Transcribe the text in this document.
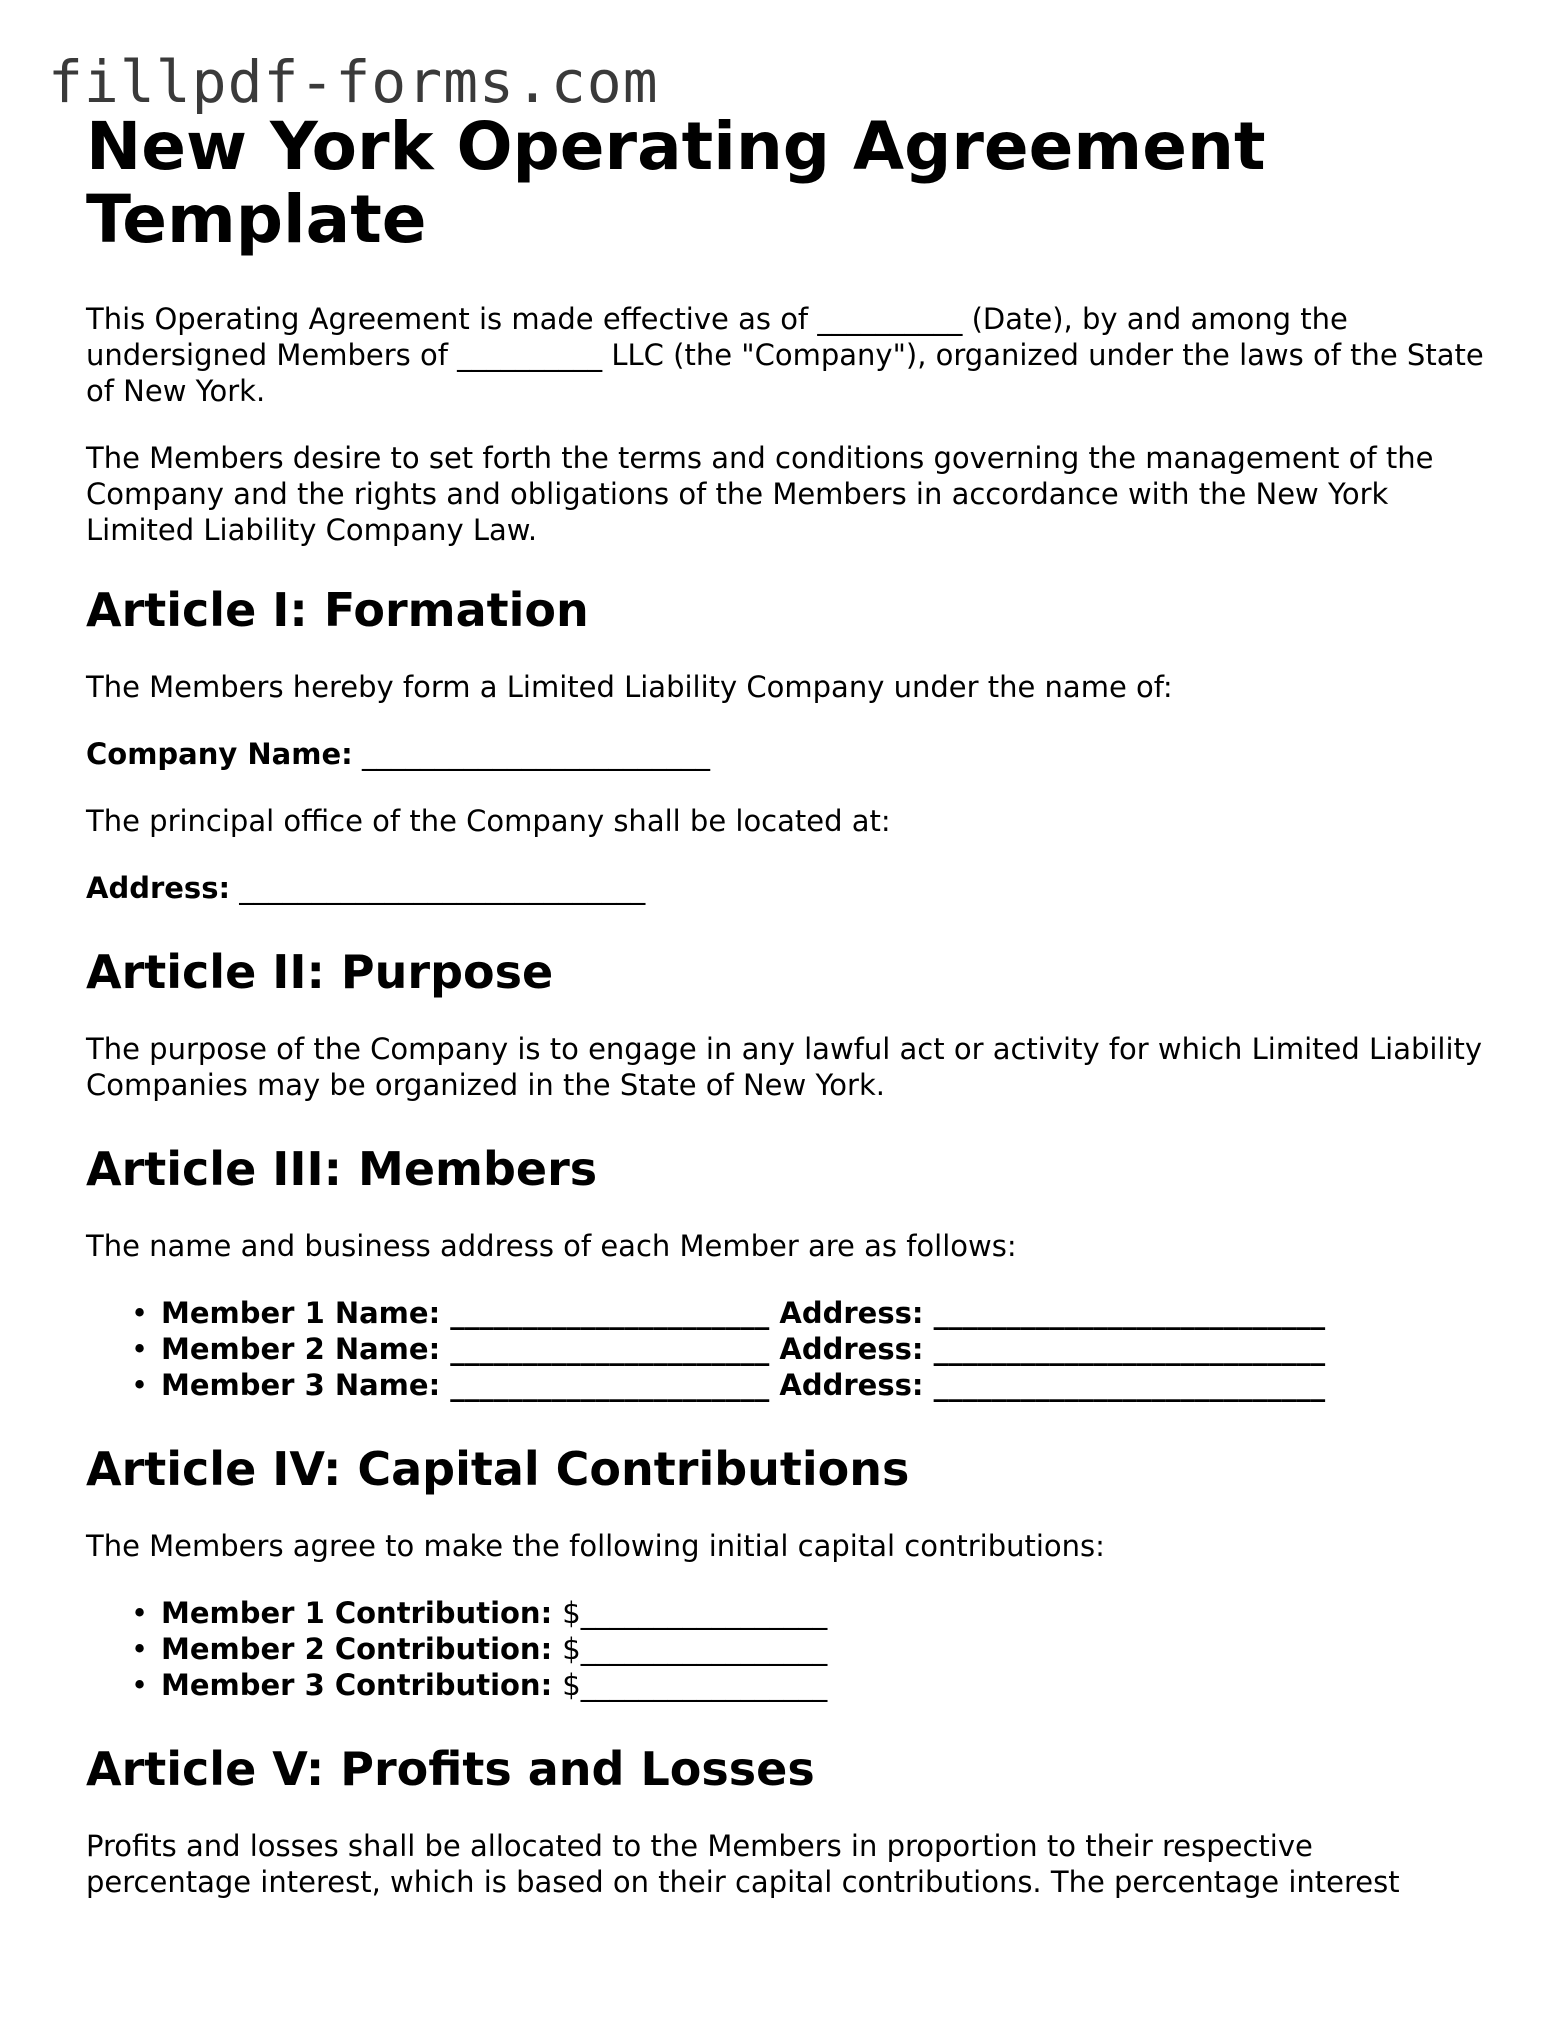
fillpdf-forms.com
New York Operating Agreement Template

This Operating Agreement is made effective as of __________ (Date), by and among the undersigned Members of __________ LLC (the "Company"), organized under the laws of the State of New York.

The Members desire to set forth the terms and conditions governing the management of the Company and the rights and obligations of the Members in accordance with the New York Limited Liability Company Law.

Article I: Formation

The Members hereby form a Limited Liability Company under the name of:

Company Name: ________________________

The principal office of the Company shall be located at:

Address: ____________________________

Article II: Purpose

The purpose of the Company is to engage in any lawful act or activity for which Limited Liability Companies may be organized in the State of New York.

Article III: Members

The name and business address of each Member are as follows:

• Member 1 Name: ______________________ Address: ___________________________
• Member 2 Name: ______________________ Address: ___________________________
• Member 3 Name: ______________________ Address: ___________________________
Article IV: Capital Contributions

The Members agree to make the following initial capital contributions:

• Member 1 Contribution: $_________________
• Member 2 Contribution: $_________________
• Member 3 Contribution: $_________________
Article V: Profits and Losses

Profits and losses shall be allocated to the Members in proportion to their respective percentage interest, which is based on their capital contributions. The percentage interest
